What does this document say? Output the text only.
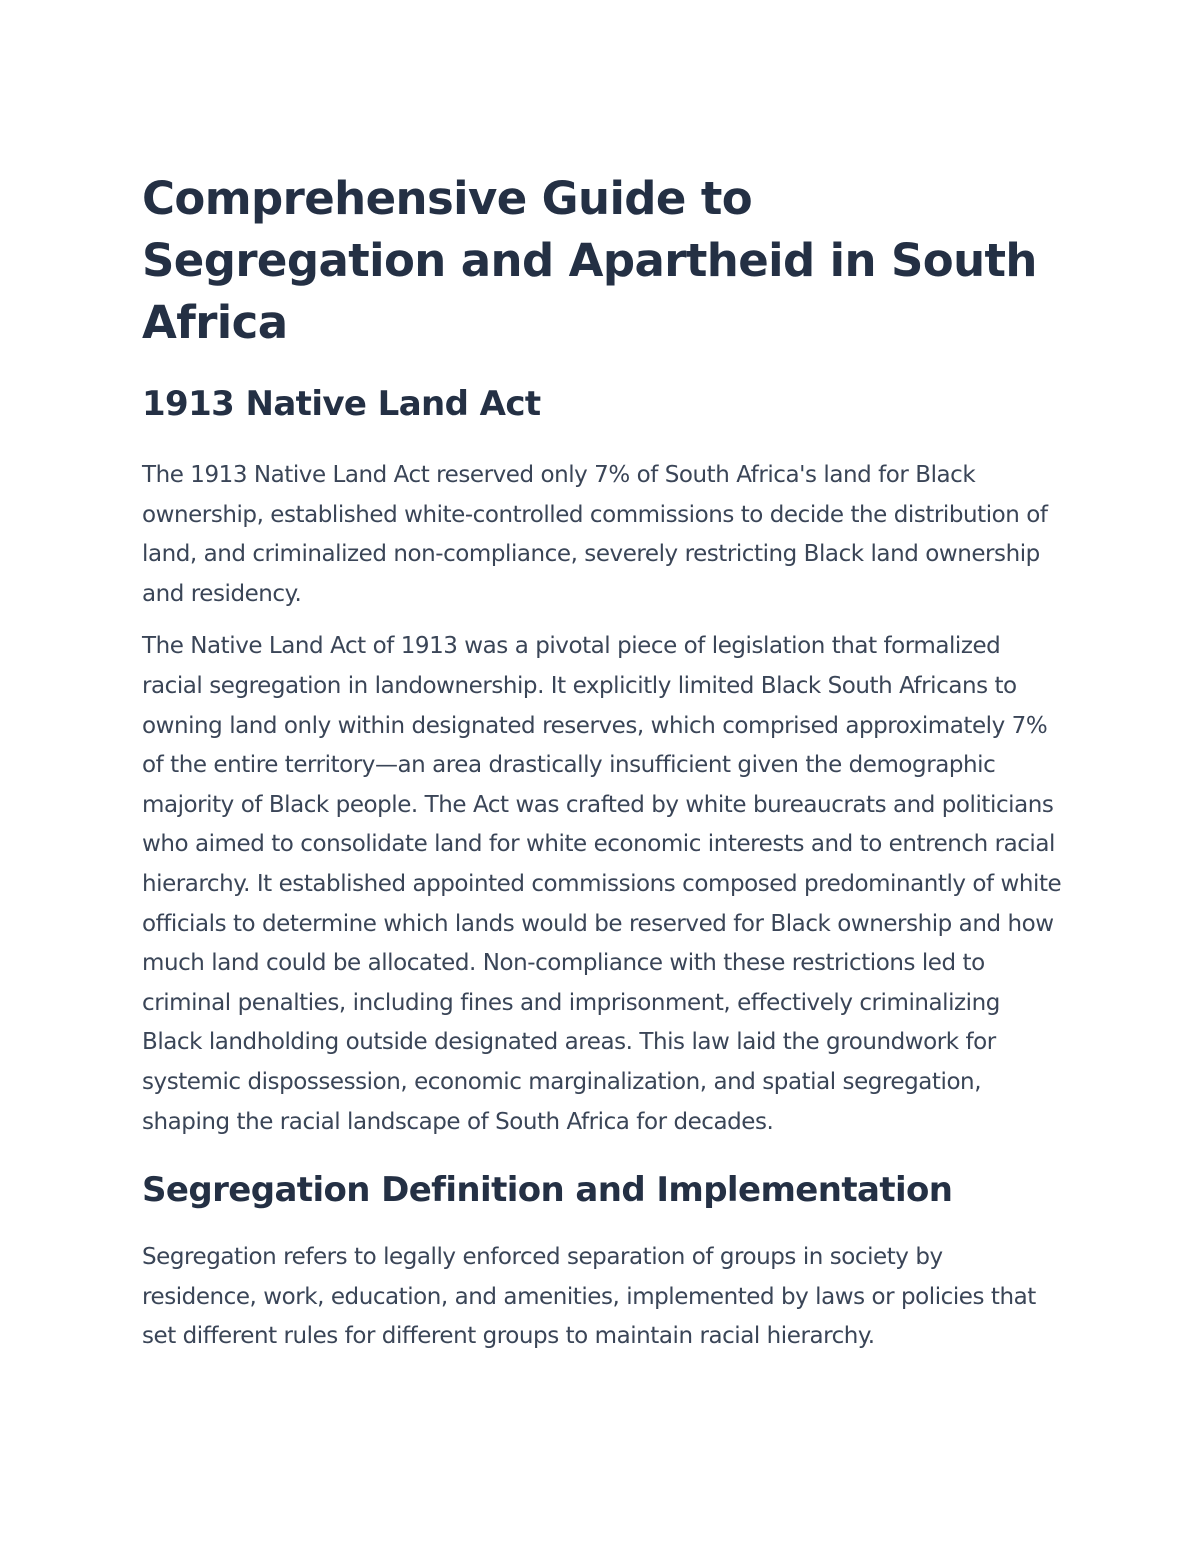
Comprehensive Guide to Segregation and Apartheid in South Africa
1913 Native Land Act

The 1913 Native Land Act reserved only 7% of South Africa's land for Black ownership, established white-controlled commissions to decide the distribution of land, and criminalized non-compliance, severely restricting Black land ownership and residency.

The Native Land Act of 1913 was a pivotal piece of legislation that formalized racial segregation in landownership. It explicitly limited Black South Africans to owning land only within designated reserves, which comprised approximately 7% of the entire territory—an area drastically insufficient given the demographic majority of Black people. The Act was crafted by white bureaucrats and politicians who aimed to consolidate land for white economic interests and to entrench racial hierarchy. It established appointed commissions composed predominantly of white officials to determine which lands would be reserved for Black ownership and how much land could be allocated. Non-compliance with these restrictions led to criminal penalties, including fines and imprisonment, effectively criminalizing Black landholding outside designated areas. This law laid the groundwork for systemic dispossession, economic marginalization, and spatial segregation, shaping the racial landscape of South Africa for decades.

Segregation Definition and Implementation

Segregation refers to legally enforced separation of groups in society by residence, work, education, and amenities, implemented by laws or policies that set different rules for different groups to maintain racial hierarchy.
